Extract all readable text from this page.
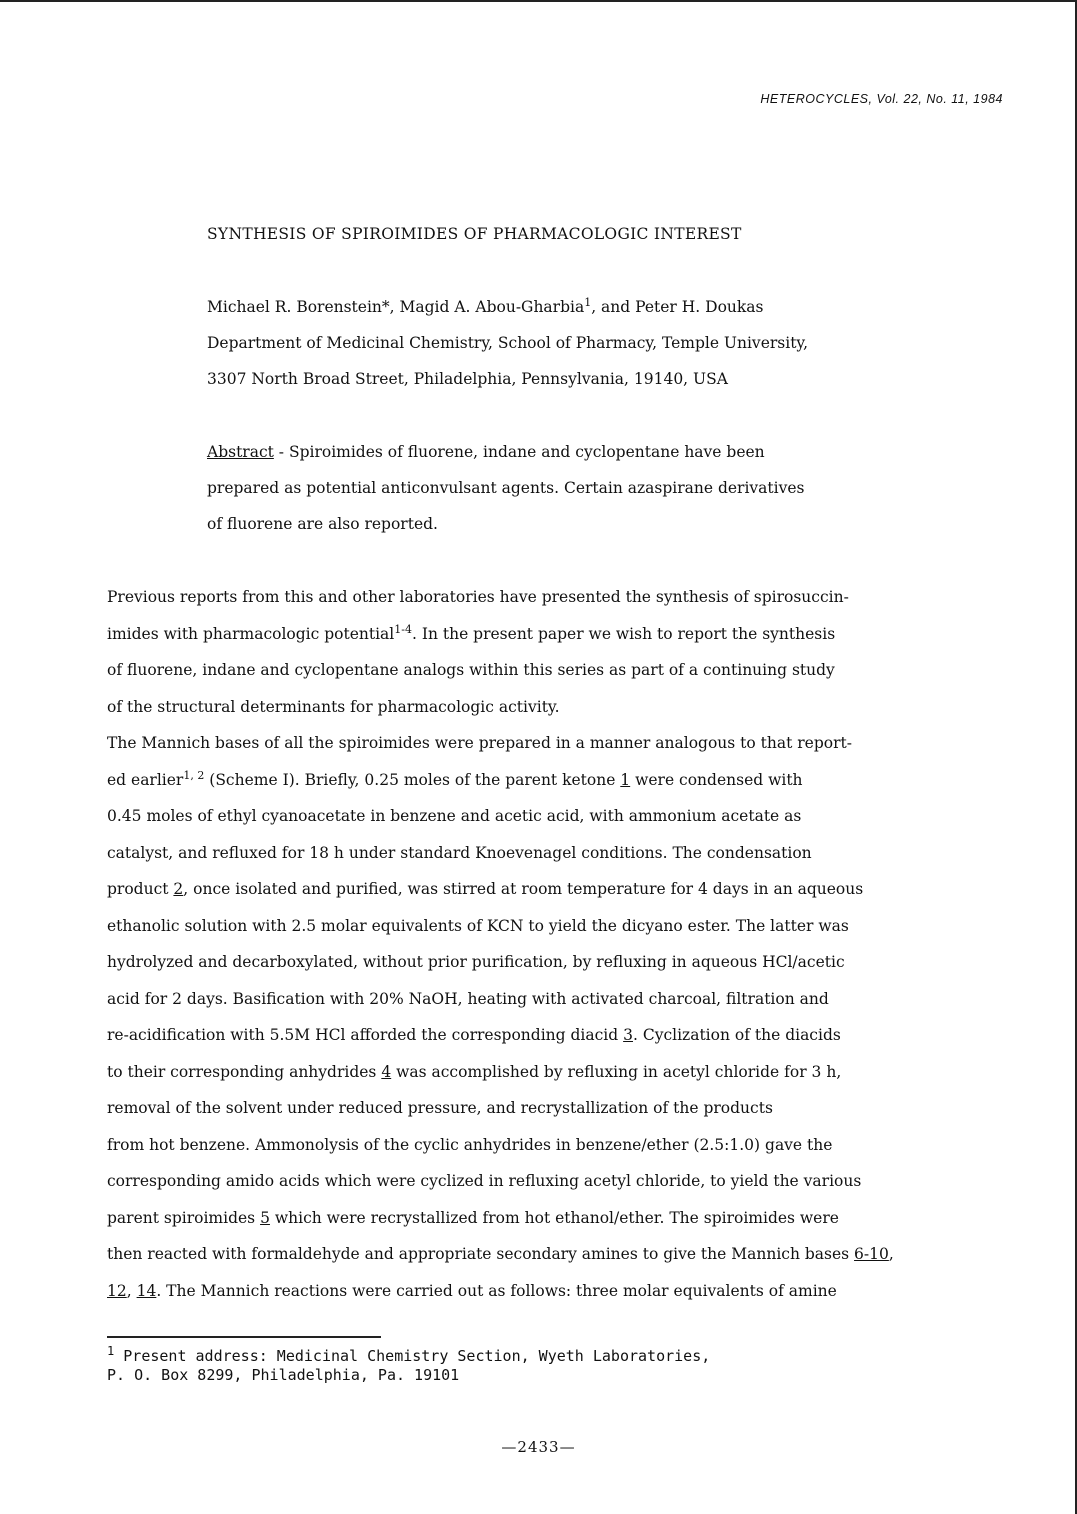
HETEROCYCLES, Vol. 22, No. 11, 1984
SYNTHESIS OF SPIROIMIDES OF PHARMACOLOGIC INTEREST
Michael R. Borenstein*, Magid A. Abou-Gharbia$^1$, and Peter H. Doukas
Department of Medicinal Chemistry, School of Pharmacy, Temple University,
3307 North Broad Street, Philadelphia, Pennsylvania, 19140, USA
Abstract - Spiroimides of fluorene, indane and cyclopentane have been
prepared as potential anticonvulsant agents. Certain azaspirane derivatives
of fluorene are also reported.
Previous reports from this and other laboratories have presented the synthesis of spirosuccin-
imides with pharmacologic potential$^{1-4}$. In the present paper we wish to report the synthesis
of fluorene, indane and cyclopentane analogs within this series as part of a continuing study
of the structural determinants for pharmacologic activity.
The Mannich bases of all the spiroimides were prepared in a manner analogous to that report-
ed earlier$^{1, 2}$ (Scheme I). Briefly, 0.25 moles of the parent ketone 1 were condensed with
0.45 moles of ethyl cyanoacetate in benzene and acetic acid, with ammonium acetate as
catalyst, and refluxed for 18 h under standard Knoevenagel conditions. The condensation
product 2, once isolated and purified, was stirred at room temperature for 4 days in an aqueous
ethanolic solution with 2.5 molar equivalents of KCN to yield the dicyano ester. The latter was
hydrolyzed and decarboxylated, without prior purification, by refluxing in aqueous HCl/acetic
acid for 2 days. Basification with 20% NaOH, heating with activated charcoal, filtration and
re-acidification with 5.5M HCl afforded the corresponding diacid 3. Cyclization of the diacids
to their corresponding anhydrides 4 was accomplished by refluxing in acetyl chloride for 3 h,
removal of the solvent under reduced pressure, and recrystallization of the products
from hot benzene. Ammonolysis of the cyclic anhydrides in benzene/ether (2.5:1.0) gave the
corresponding amido acids which were cyclized in refluxing acetyl chloride, to yield the various
parent spiroimides 5 which were recrystallized from hot ethanol/ether. The spiroimides were
then reacted with formaldehyde and appropriate secondary amines to give the Mannich bases 6-10,
12, 14. The Mannich reactions were carried out as follows: three molar equivalents of amine
$^1$ Present address: Medicinal Chemistry Section, Wyeth Laboratories,
P. O. Box 8299, Philadelphia, Pa. 19101
—2433—
